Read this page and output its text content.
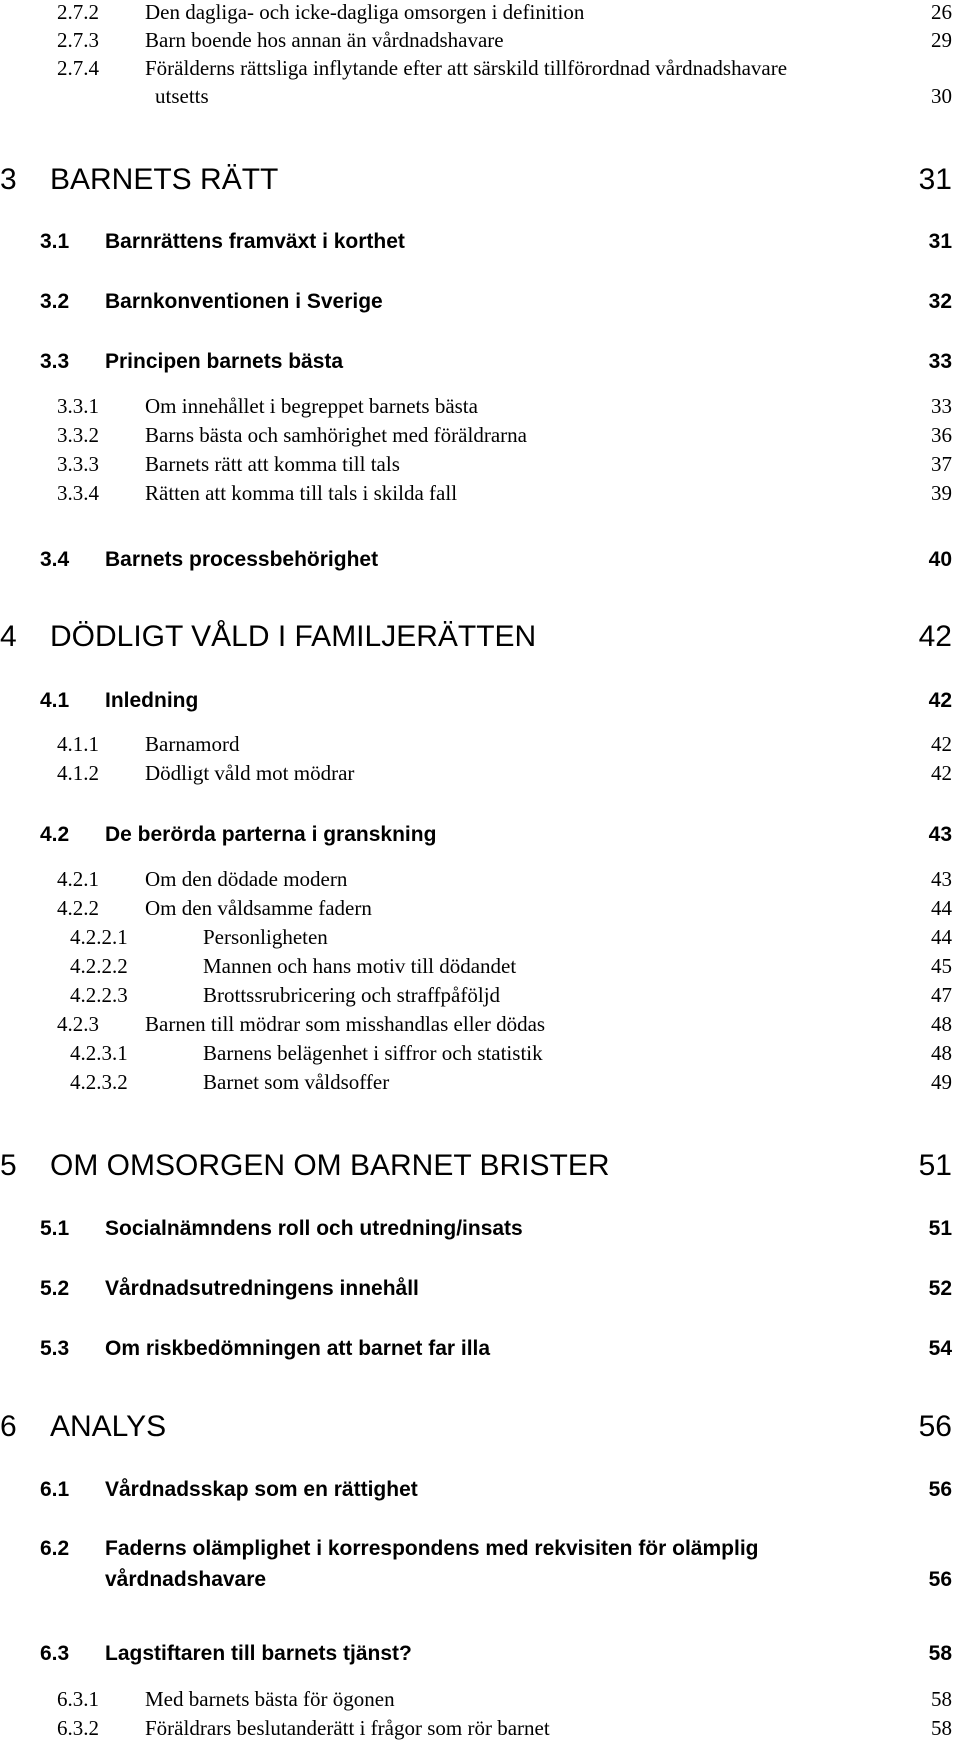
2.7.2 Den dagliga- och icke-dagliga omsorgen i definition	26
2.7.3 Barn boende hos annan än vårdnadshavare	29
2.7.4 Förälderns rättsliga inflytande efter att särskild tillförordnad vårdnadshavare
utsetts	30
3 BARNETS RÄTT	31
3.1 Barnrättens framväxt i korthet	31
3.2 Barnkonventionen i Sverige	32
3.3 Principen barnets bästa	33
3.3.1 Om innehållet i begreppet barnets bästa	33
3.3.2 Barns bästa och samhörighet med föräldrarna	36
3.3.3 Barnets rätt att komma till tals	37
3.3.4 Rätten att komma till tals i skilda fall	39
3.4 Barnets processbehörighet	40
4 DÖDLIGT VÅLD I FAMILJERÄTTEN	42
4.1 Inledning	42
4.1.1 Barnamord	42
4.1.2 Dödligt våld mot mödrar	42
4.2 De berörda parterna i granskning	43
4.2.1 Om den dödade modern	43
4.2.2 Om den våldsamme fadern	44
4.2.2.1	Personligheten	44
4.2.2.2	Mannen och hans motiv till dödandet	45
4.2.2.3	Brottssrubricering och straffpåföljd	47
4.2.3 Barnen till mödrar som misshandlas eller dödas	48
4.2.3.1	Barnens belägenhet i siffror och statistik	48
4.2.3.2	Barnet som våldsoffer	49
5 OM OMSORGEN OM BARNET BRISTER	51
5.1 Socialnämndens roll och utredning/insats	51
5.2 Vårdnadsutredningens innehåll	52
5.3 Om riskbedömningen att barnet far illa	54
6 ANALYS	56
6.1 Vårdnadsskap som en rättighet	56
6.2 Faderns olämplighet i korrespondens med rekvisiten för olämplig
vårdnadshavare	56
6.3 Lagstiftaren till barnets tjänst?	58
6.3.1 Med barnets bästa för ögonen	58
6.3.2 Föräldrars beslutanderätt i frågor som rör barnet	58
